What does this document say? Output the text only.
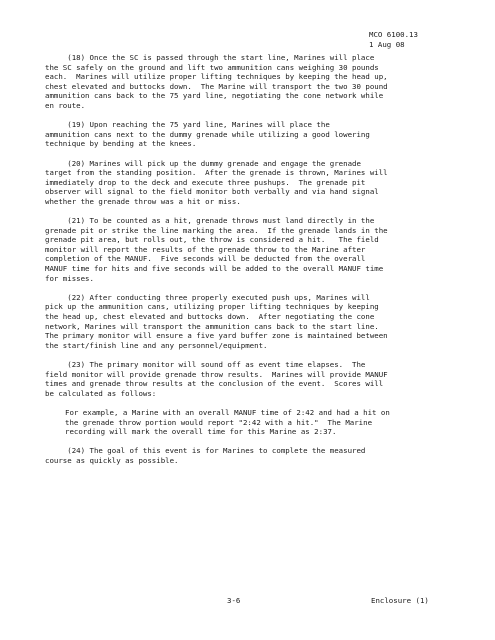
MCO 6100.13
1 Aug 08

(18) Once the SC is passed through the start line, Marines will place
the SC safely on the ground and lift two ammunition cans weighing 30 pounds
each.  Marines will utilize proper lifting techniques by keeping the head up,
chest elevated and buttocks down.  The Marine will transport the two 30 pound
ammunition cans back to the 75 yard line, negotiating the cone network while
en route.

(19) Upon reaching the 75 yard line, Marines will place the
ammunition cans next to the dummy grenade while utilizing a good lowering
technique by bending at the knees.

(20) Marines will pick up the dummy grenade and engage the grenade
target from the standing position.  After the grenade is thrown, Marines will
immediately drop to the deck and execute three pushups.  The grenade pit
observer will signal to the field monitor both verbally and via hand signal
whether the grenade throw was a hit or miss.

(21) To be counted as a hit, grenade throws must land directly in the
grenade pit or strike the line marking the area.  If the grenade lands in the
grenade pit area, but rolls out, the throw is considered a hit.   The field
monitor will report the results of the grenade throw to the Marine after
completion of the MANUF.  Five seconds will be deducted from the overall
MANUF time for hits and five seconds will be added to the overall MANUF time
for misses.

(22) After conducting three properly executed push ups, Marines will
pick up the ammunition cans, utilizing proper lifting techniques by keeping
the head up, chest elevated and buttocks down.  After negotiating the cone
network, Marines will transport the ammunition cans back to the start line.
The primary monitor will ensure a five yard buffer zone is maintained between
the start/finish line and any personnel/equipment.

(23) The primary monitor will sound off as event time elapses.  The
field monitor will provide grenade throw results.  Marines will provide MANUF
times and grenade throw results at the conclusion of the event.  Scores will
be calculated as follows:

For example, a Marine with an overall MANUF time of 2:42 and had a hit on
the grenade throw portion would report "2:42 with a hit."  The Marine
recording will mark the overall time for this Marine as 2:37.

(24) The goal of this event is for Marines to complete the measured
course as quickly as possible.

3-6	Enclosure (1)
